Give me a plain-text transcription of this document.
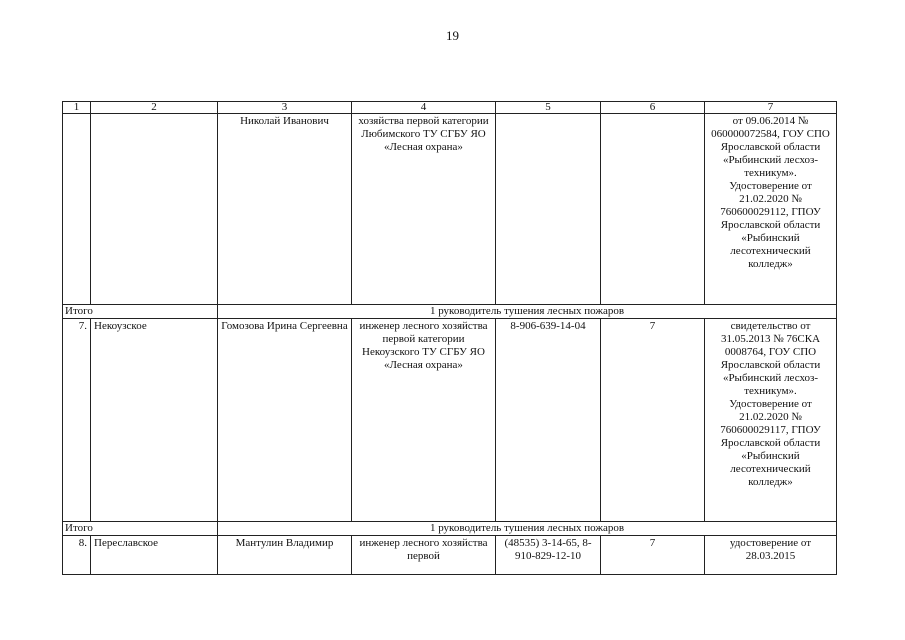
19
1	2	3	4	5	6	7
		Николай Иванович	хозяйства первой категории Любимского ТУ СГБУ ЯО «Лесная охрана»			от 09.06.2014 № 060000072584, ГОУ СПО Ярославской области «Рыбинский лесхоз-техникум». Удостоверение от 21.02.2020 № 760600029112, ГПОУ Ярославской области «Рыбинский лесотехнический колледж»

Итого		1 руководитель тушения лесных пожаров				
7.	Некоузское	Гомозова Ирина Сергеевна	инженер лесного хозяйства первой категории Некоузского ТУ СГБУ ЯО «Лесная охрана»	8-906-639-14-04	7	свидетельство от 31.05.2013 № 76СКА 0008764, ГОУ СПО Ярославской области «Рыбинский лесхоз-техникум». Удостоверение от 21.02.2020 № 760600029117, ГПОУ Ярославской области «Рыбинский лесотехнический колледж»

Итого		1 руководитель тушения лесных пожаров				
8.	Переславское	Мантулин Владимир	инженер лесного хозяйства первой	(48535) 3-14-65, 8-910-829-12-10	7	удостоверение от 28.03.2015
